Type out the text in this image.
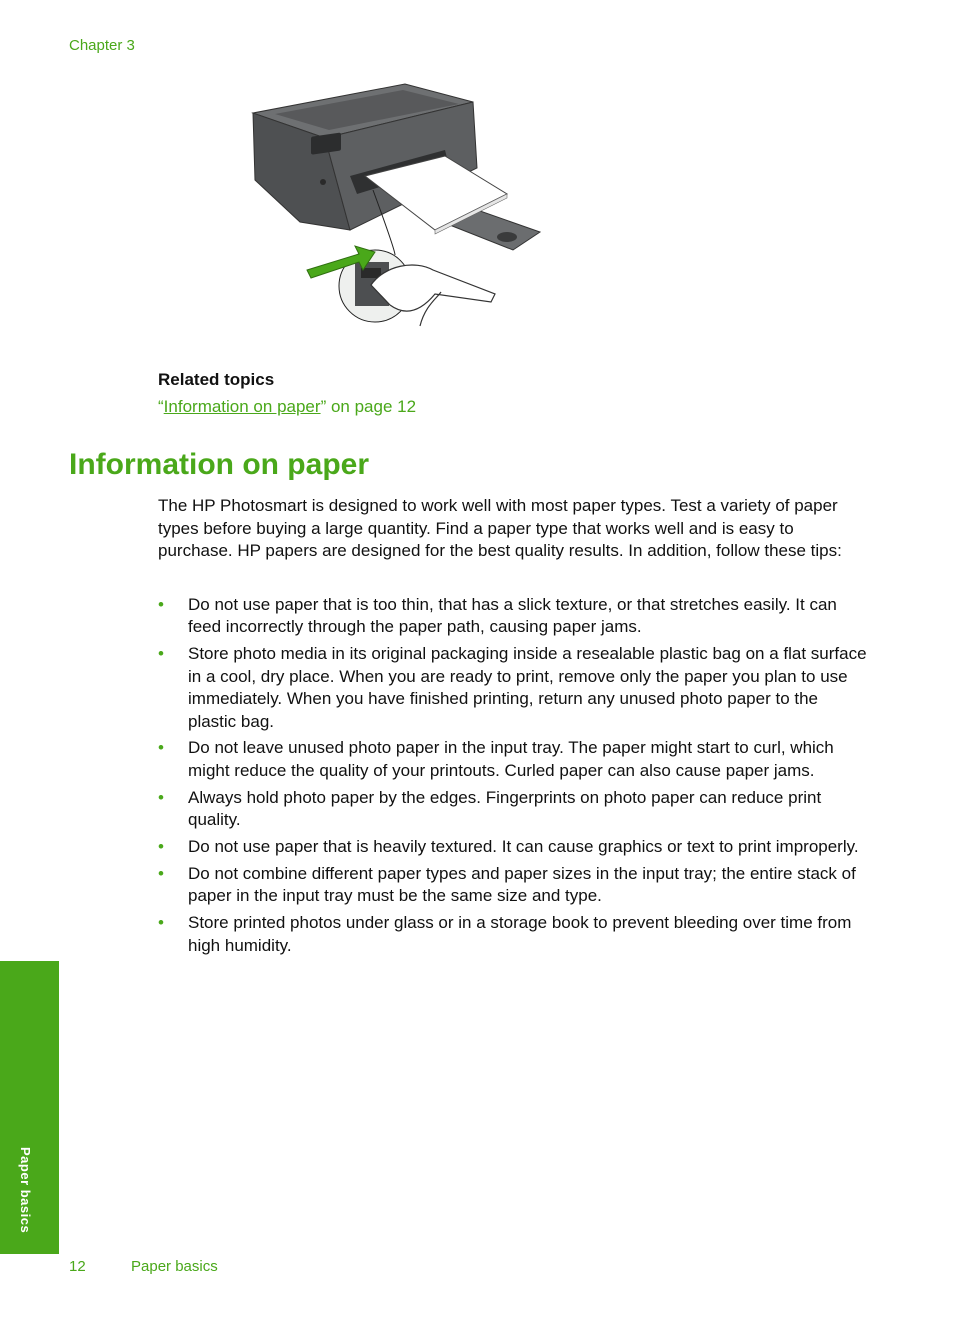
Chapter 3
Related topics
“Information on paper” on page 12
Information on paper

The HP Photosmart is designed to work well with most paper types. Test a variety of paper types before buying a large quantity. Find a paper type that works well and is easy to purchase. HP papers are designed for the best quality results. In addition, follow these tips:

• Do not use paper that is too thin, that has a slick texture, or that stretches easily. It can feed incorrectly through the paper path, causing paper jams.
• Store photo media in its original packaging inside a resealable plastic bag on a flat surface in a cool, dry place. When you are ready to print, remove only the paper you plan to use immediately. When you have finished printing, return any unused photo paper to the plastic bag.
• Do not leave unused photo paper in the input tray. The paper might start to curl, which might reduce the quality of your printouts. Curled paper can also cause paper jams.
• Always hold photo paper by the edges. Fingerprints on photo paper can reduce print quality.
• Do not use paper that is heavily textured. It can cause graphics or text to print improperly.
• Do not combine different paper types and paper sizes in the input tray; the entire stack of paper in the input tray must be the same size and type.
• Store printed photos under glass or in a storage book to prevent bleeding over time from high humidity.
Paper basics
12	Paper basics
